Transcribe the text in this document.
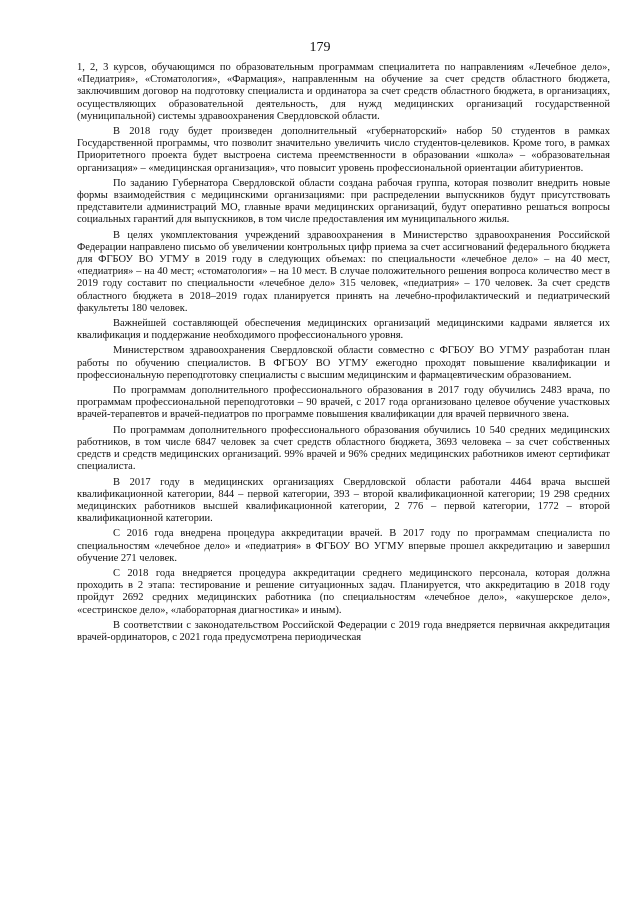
179

1, 2, 3 курсов, обучающимся по образовательным программам специалитета по направлениям «Лечебное дело», «Педиатрия», «Стоматология», «Фармация», направленным на обучение за счет средств областного бюджета, заключившим договор на подготовку специалиста и ординатора за счет средств областного бюджета, в организациях, осуществляющих образовательной деятельность, для нужд медицинских организаций государственной (муниципальной) системы здравоохранения Свердловской области.

В 2018 году будет произведен дополнительный «губернаторский» набор 50 студентов в рамках Государственной программы, что позволит значительно увеличить число студентов-целевиков. Кроме того, в рамках Приоритетного проекта будет выстроена система преемственности в образовании «школа» – «образовательная организация» – «медицинская организация», что повысит уровень профессиональной ориентации абитуриентов.

По заданию Губернатора Свердловской области создана рабочая группа, которая позволит внедрить новые формы взаимодействия с медицинскими организациями: при распределении выпускников будут присутствовать представители администраций МО, главные врачи медицинских организаций, будут оперативно решаться вопросы социальных гарантий для выпускников, в том числе предоставления им муниципального жилья.

В целях укомплектования учреждений здравоохранения в Министерство здравоохранения Российской Федерации направлено письмо об увеличении контрольных цифр приема за счет ассигнований федерального бюджета для ФГБОУ ВО УГМУ в 2019 году в следующих объемах: по специальности «лечебное дело» – на 40 мест, «педиатрия» – на 40 мест; «стоматология» – на 10 мест. В случае положительного решения вопроса количество мест в 2019 году составит по специальности «лечебное дело» 315 человек, «педиатрия» – 170 человек. За счет средств областного бюджета в 2018–2019 годах планируется принять на лечебно-профилактический и педиатрический факультеты 180 человек.

Важнейшей составляющей обеспечения медицинских организаций медицинскими кадрами является их квалификация и поддержание необходимого профессионального уровня.

Министерством здравоохранения Свердловской области совместно с ФГБОУ ВО УГМУ разработан план работы по обучению специалистов. В ФГБОУ ВО УГМУ ежегодно проходят повышение квалификации и профессиональную переподготовку специалисты с высшим медицинским и фармацевтическим образованием.

По программам дополнительного профессионального образования в 2017 году обучились 2483 врача, по программам профессиональной переподготовки – 90 врачей, с 2017 года организовано целевое обучение участковых врачей-терапевтов и врачей-педиатров по программе повышения квалификации для врачей первичного звена.

По программам дополнительного профессионального образования обучились 10 540 средних медицинских работников, в том числе 6847 человек за счет средств областного бюджета, 3693 человека – за счет собственных средств и средств медицинских организаций. 99% врачей и 96% средних медицинских работников имеют сертификат специалиста.

В 2017 году в медицинских организациях Свердловской области работали 4464 врача высшей квалификационной категории, 844 – первой категории, 393 – второй квалификационной категории; 19 298 средних медицинских работников высшей квалификационной категории, 2 776 – первой категории, 1772 – второй квалификационной категории.

С 2016 года внедрена процедура аккредитации врачей. В 2017 году по программам специалиста по специальностям «лечебное дело» и «педиатрия» в ФГБОУ ВО УГМУ впервые прошел аккредитацию и завершил обучение 271 человек.

С 2018 года внедряется процедура аккредитации среднего медицинского персонала, которая должна проходить в 2 этапа: тестирование и решение ситуационных задач. Планируется, что аккредитацию в 2018 году пройдут 2692 средних медицинских работника (по специальностям «лечебное дело», «акушерское дело», «сестринское дело», «лабораторная диагностика» и иным).

В соответствии с законодательством Российской Федерации с 2019 года внедряется первичная аккредитация врачей-ординаторов, с 2021 года предусмотрена периодическая
